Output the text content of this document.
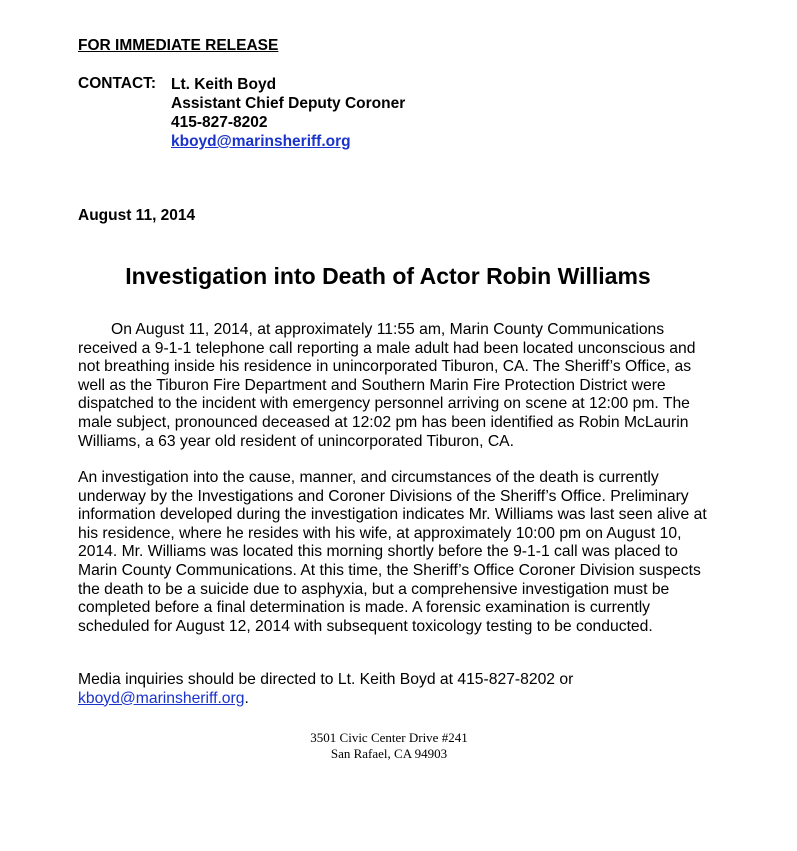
FOR IMMEDIATE RELEASE
CONTACT: Lt. Keith Boyd
Assistant Chief Deputy Coroner
415-827-8202
kboyd@marinsheriff.org
August 11, 2014
Investigation into Death of Actor Robin Williams
On August 11, 2014, at approximately 11:55 am, Marin County Communications received a 9-1-1 telephone call reporting a male adult had been located unconscious and not breathing inside his residence in unincorporated Tiburon, CA. The Sheriff’s Office, as well as the Tiburon Fire Department and Southern Marin Fire Protection District were dispatched to the incident with emergency personnel arriving on scene at 12:00 pm. The male subject, pronounced deceased at 12:02 pm has been identified as Robin McLaurin Williams, a 63 year old resident of unincorporated Tiburon, CA.
An investigation into the cause, manner, and circumstances of the death is currently underway by the Investigations and Coroner Divisions of the Sheriff’s Office. Preliminary information developed during the investigation indicates Mr. Williams was last seen alive at his residence, where he resides with his wife, at approximately 10:00 pm on August 10, 2014. Mr. Williams was located this morning shortly before the 9-1-1 call was placed to Marin County Communications. At this time, the Sheriff’s Office Coroner Division suspects the death to be a suicide due to asphyxia, but a comprehensive investigation must be completed before a final determination is made. A forensic examination is currently scheduled for August 12, 2014 with subsequent toxicology testing to be conducted.
Media inquiries should be directed to Lt. Keith Boyd at 415-827-8202 or
kboyd@marinsheriff.org.
3501 Civic Center Drive #241
San Rafael, CA 94903
